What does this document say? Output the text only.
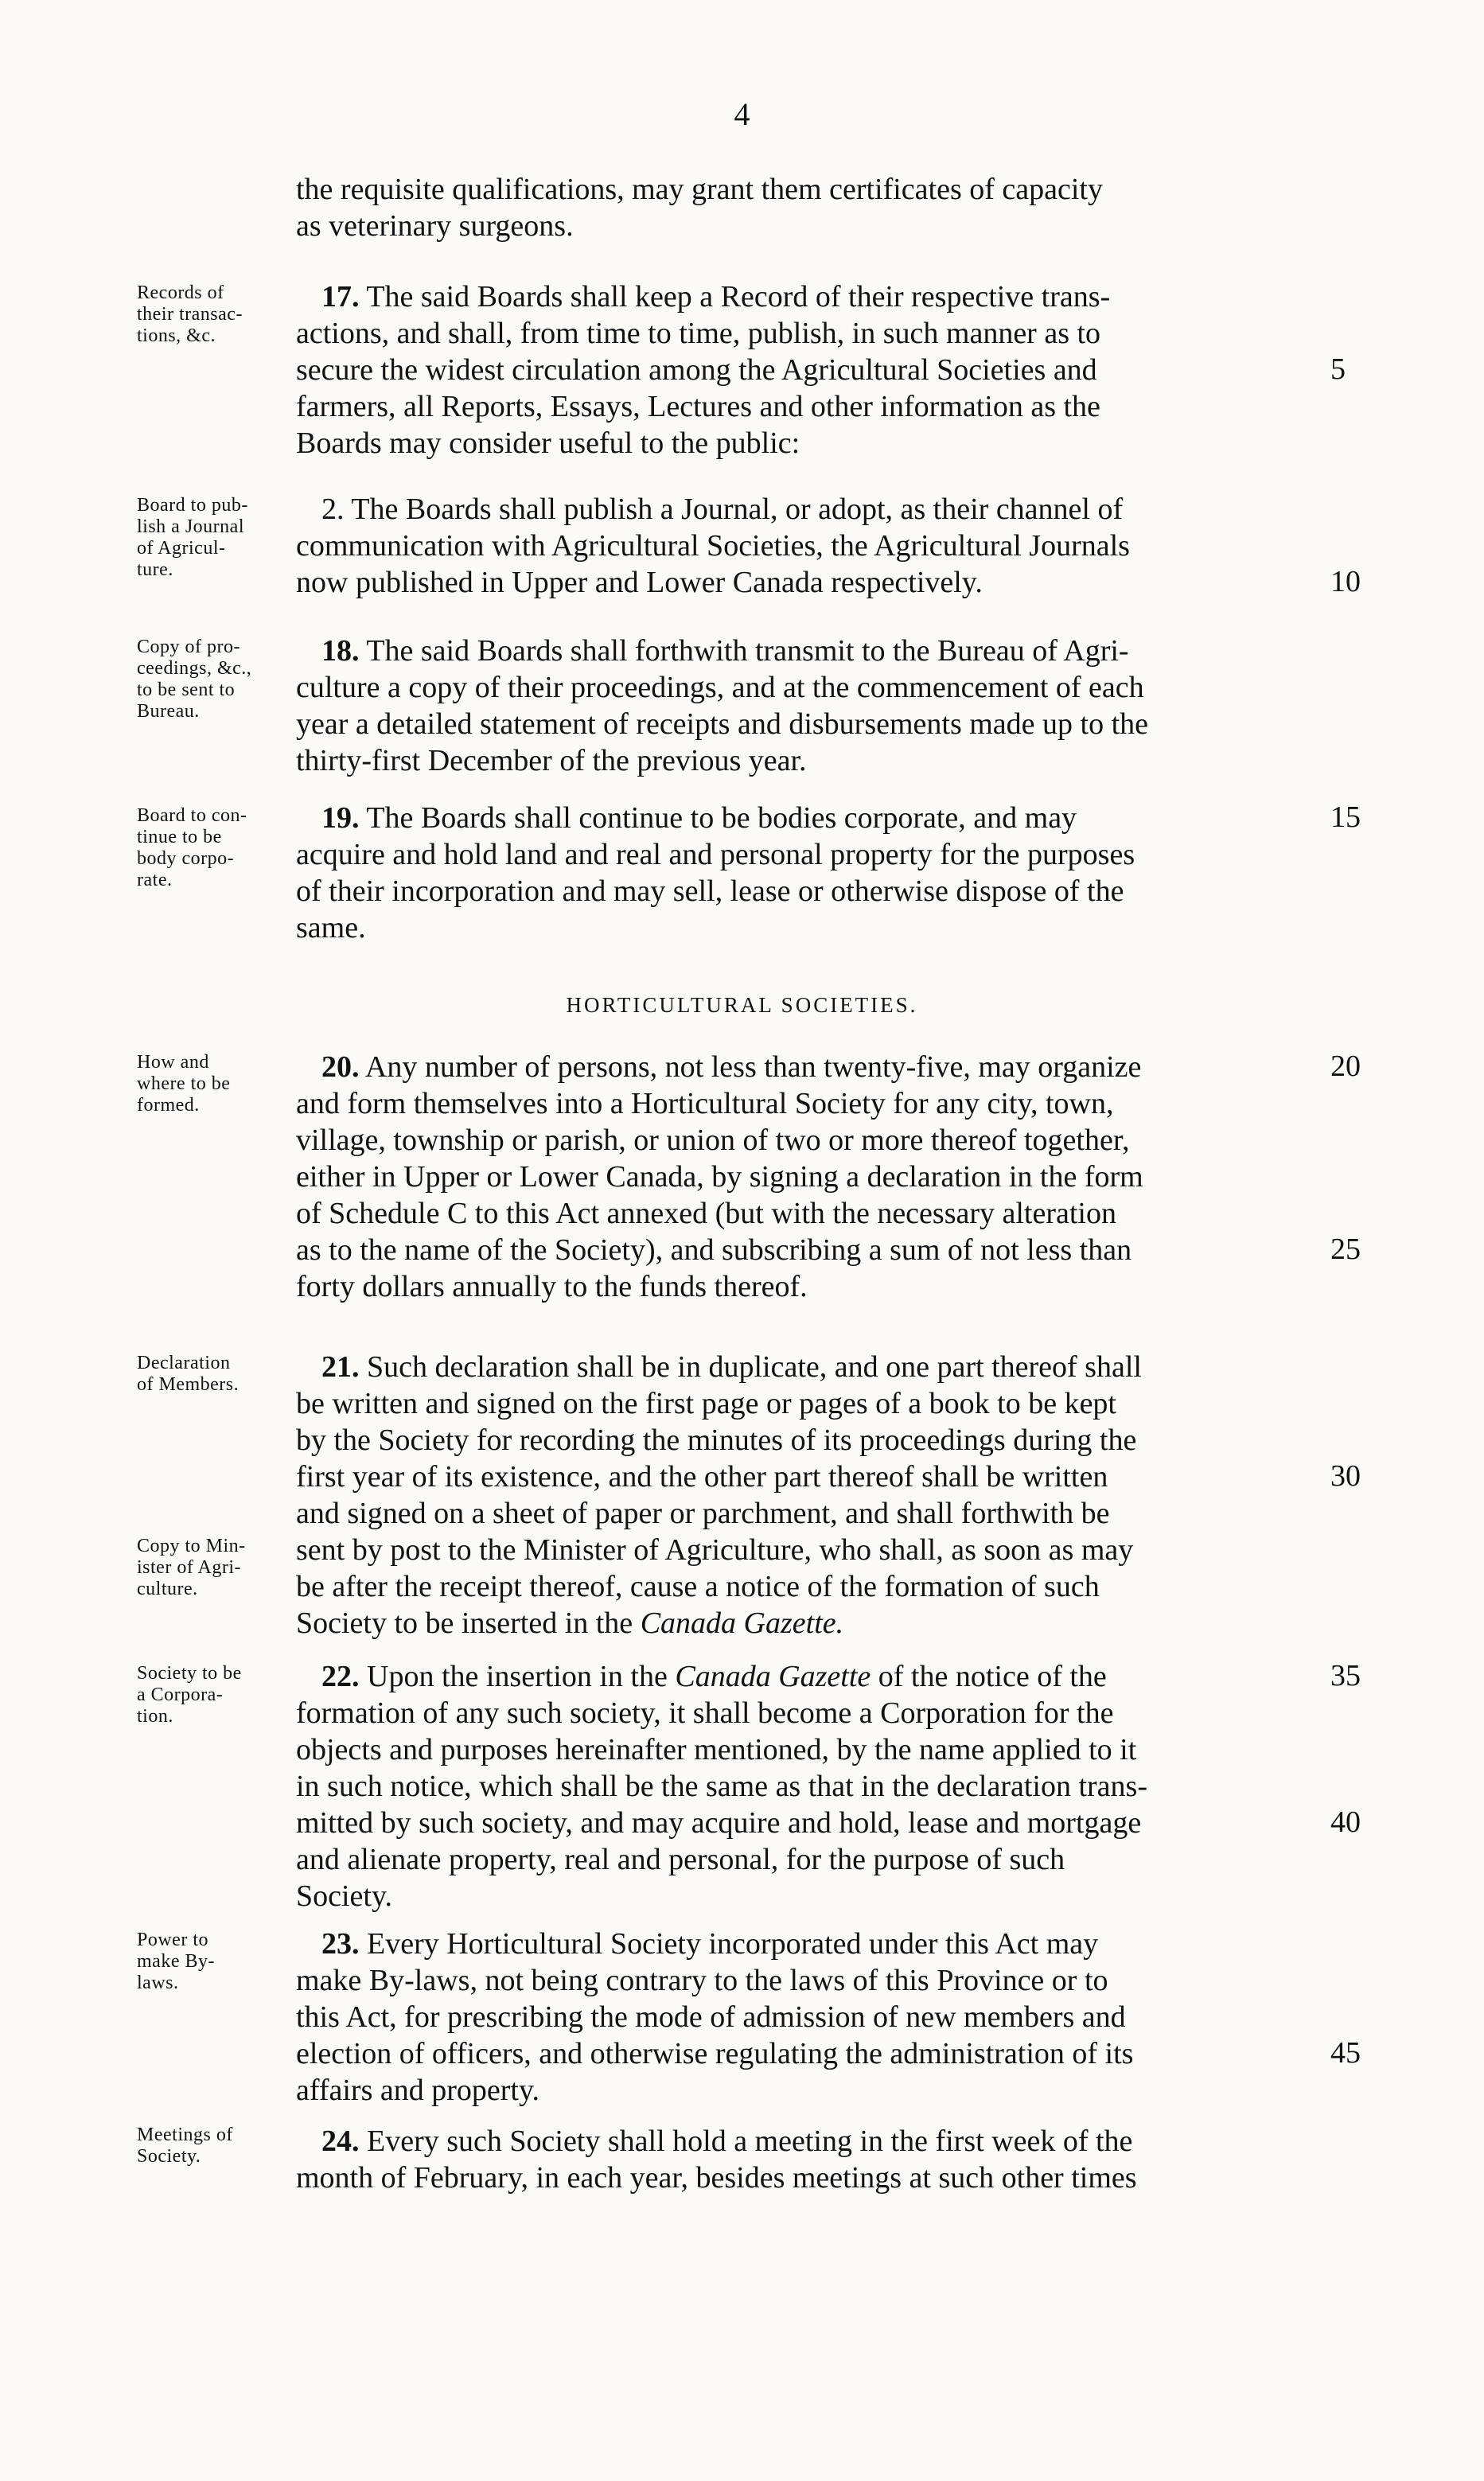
4
the requisite qualifications, may grant them certificates of capacity
as veterinary surgeons.
Records of
their transac-
tions, &c.
17. The said Boards shall keep a Record of their respective trans-
actions, and shall, from time to time, publish, in such manner as to
secure the widest circulation among the Agricultural Societies and
farmers, all Reports, Essays, Lectures and other information as the
Boards may consider useful to the public:
5
Board to pub-
lish a Journal
of Agricul-
ture.
2. The Boards shall publish a Journal, or adopt, as their channel of
communication with Agricultural Societies, the Agricultural Journals
now published in Upper and Lower Canada respectively.	10
Copy of pro-
ceedings, &c.,
to be sent to
Bureau.
18. The said Boards shall forthwith transmit to the Bureau of Agri-
culture a copy of their proceedings, and at the commencement of each
year a detailed statement of receipts and disbursements made up to the
thirty-first December of the previous year.
Board to con-
tinue to be
body corpo-
rate.
19. The Boards shall continue to be bodies corporate, and may
acquire and hold land and real and personal property for the purposes
of their incorporation and may sell, lease or otherwise dispose of the
same.
15
HORTICULTURAL SOCIETIES.
How and
where to be
formed.
20. Any number of persons, not less than twenty-five, may organize
and form themselves into a Horticultural Society for any city, town,
village, township or parish, or union of two or more thereof together,
either in Upper or Lower Canada, by signing a declaration in the form
of Schedule C to this Act annexed (but with the necessary alteration
as to the name of the Society), and subscribing a sum of not less than
forty dollars annually to the funds thereof.
20
25
Declaration
of Members.
Copy to Min-
ister of Agri-
culture.
21. Such declaration shall be in duplicate, and one part thereof shall
be written and signed on the first page or pages of a book to be kept
by the Society for recording the minutes of its proceedings during the
first year of its existence, and the other part thereof shall be written
and signed on a sheet of paper or parchment, and shall forthwith be
sent by post to the Minister of Agriculture, who shall, as soon as may
be after the receipt thereof, cause a notice of the formation of such
Society to be inserted in the Canada Gazette.
30
Society to be
a Corpora-
tion.
22. Upon the insertion in the Canada Gazette of the notice of the
formation of any such society, it shall become a Corporation for the
objects and purposes hereinafter mentioned, by the name applied to it
in such notice, which shall be the same as that in the declaration trans-
mitted by such society, and may acquire and hold, lease and mortgage
and alienate property, real and personal, for the purpose of such
Society.
35
40
Power to
make By-
laws.
23. Every Horticultural Society incorporated under this Act may
make By-laws, not being contrary to the laws of this Province or to
this Act, for prescribing the mode of admission of new members and
election of officers, and otherwise regulating the administration of its
affairs and property.
45
Meetings of
Society.	24. Every such Society shall hold a meeting in the first week of the
month of February, in each year, besides meetings at such other times
